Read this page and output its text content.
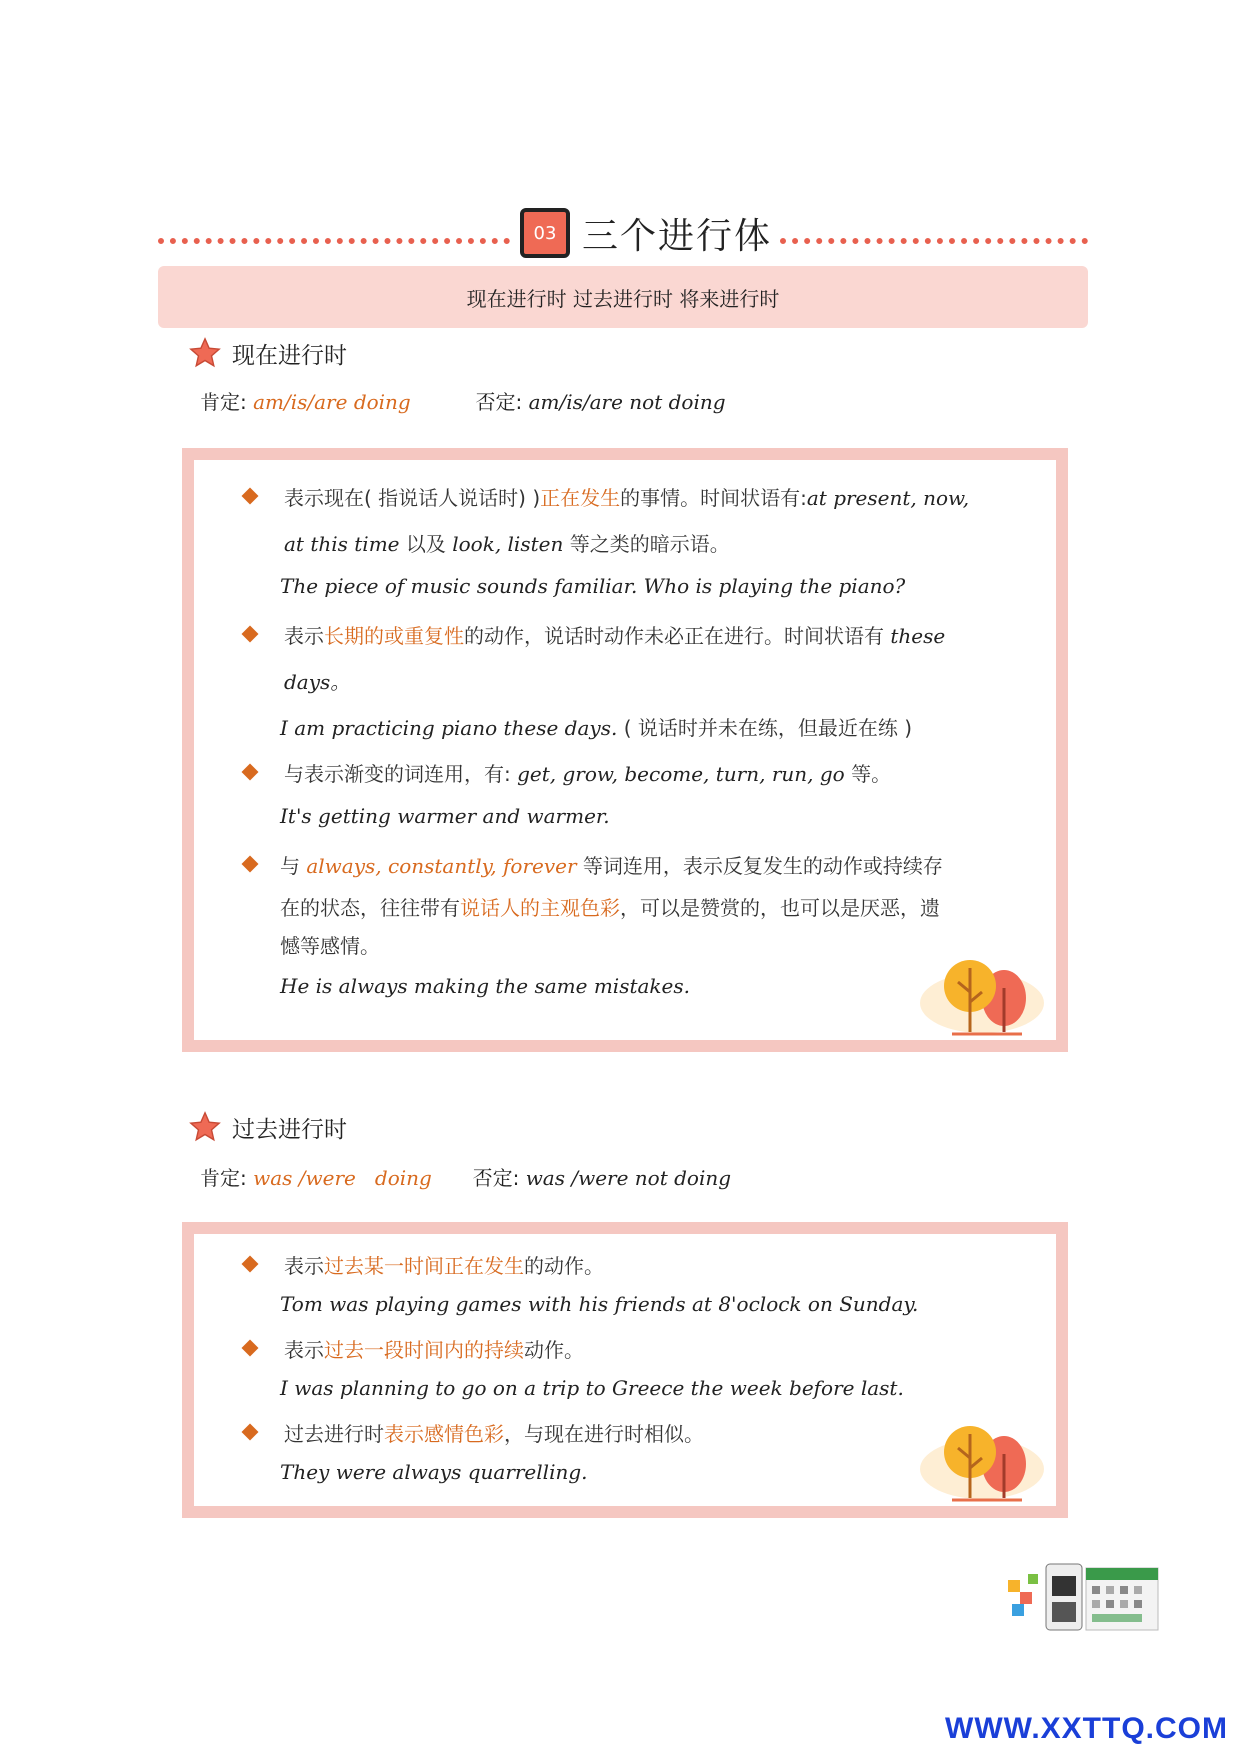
03 三个进行体
现在进行时 过去进行时 将来进行时
现在进行时
肯定: am/is/are doing	否定: am/is/are not doing
表示现在( 指说话人说话时) )正在发生的事情。时间状语有:at present, now,
at this time 以及 look, listen 等之类的暗示语。
The piece of music sounds familiar. Who is playing the piano?
表示长期的或重复性的动作，说话时动作未必正在进行。时间状语有 these
days。
I am practicing piano these days. ( 说话时并未在练，但最近在练 )
与表示渐变的词连用，有: get, grow, become, turn, run, go 等。
It's getting warmer and warmer.
与 always, constantly, forever 等词连用，表示反复发生的动作或持续存
在的状态，往往带有说话人的主观色彩，可以是赞赏的，也可以是厌恶，遗
憾等感情。
He is always making the same mistakes.
过去进行时
肯定: was /were   doing 否定: was /were not doing
表示过去某一时间正在发生的动作。
Tom was playing games with his friends at 8'oclock on Sunday.
表示过去一段时间内的持续动作。
I was planning to go on a trip to Greece the week before last.
过去进行时表示感情色彩，与现在进行时相似。
They were always quarrelling.
WWW.XXTTQ.COM
